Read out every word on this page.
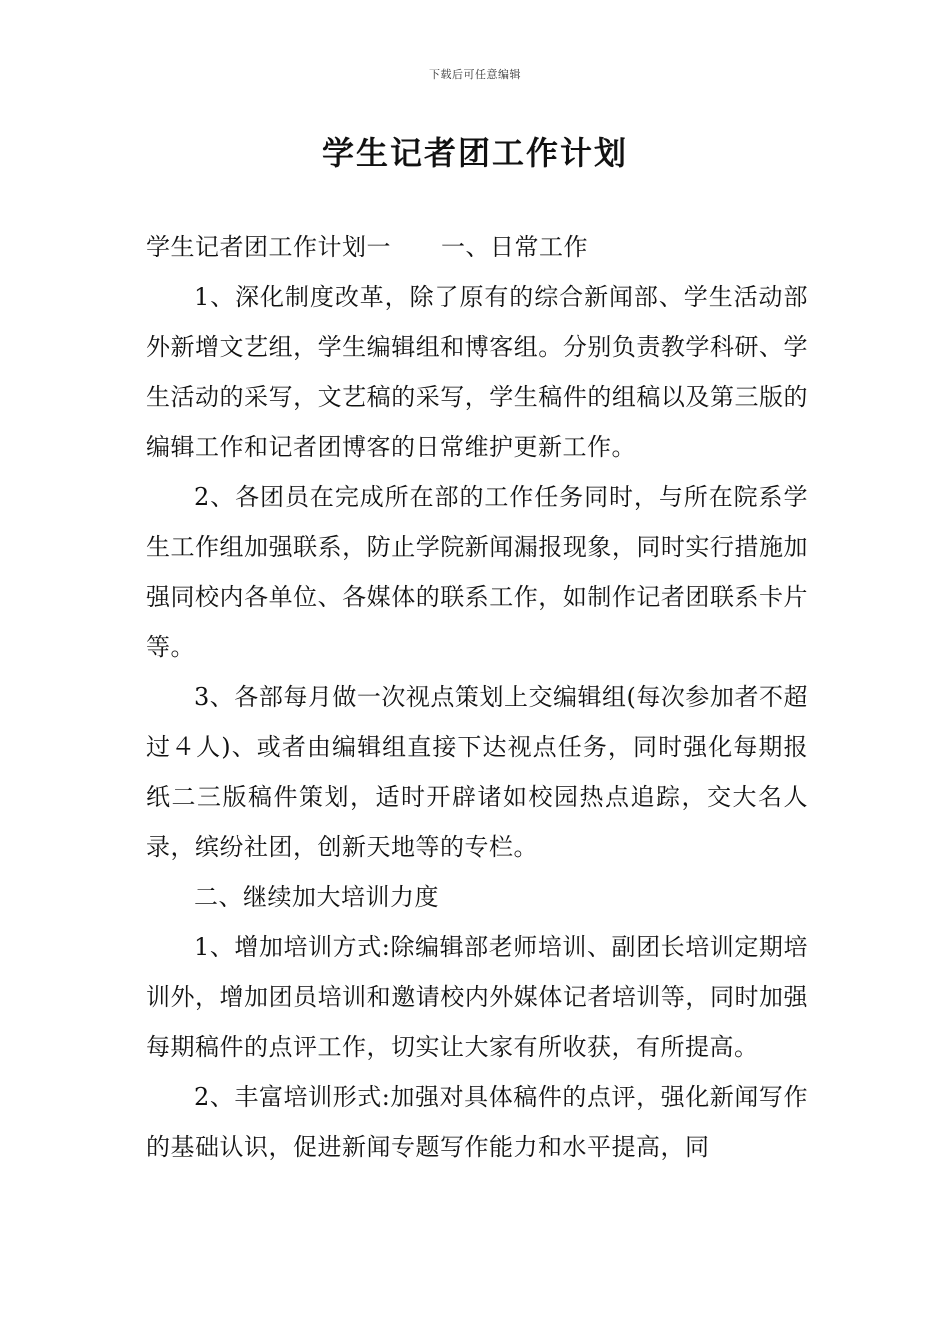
下载后可任意编辑
学生记者团工作计划

学生记者团工作计划一 一、日常工作

1、深化制度改革，除了原有的综合新闻部、学生活动部外新增文艺组，学生编辑组和博客组。分别负责教学科研、学生活动的采写，文艺稿的采写，学生稿件的组稿以及第三版的编辑工作和记者团博客的日常维护更新工作。

2、各团员在完成所在部的工作任务同时，与所在院系学生工作组加强联系，防止学院新闻漏报现象，同时实行措施加强同校内各单位、各媒体的联系工作，如制作记者团联系卡片等。

3、各部每月做一次视点策划上交编辑组(每次参加者不超过４人)、或者由编辑组直接下达视点任务，同时强化每期报纸二三版稿件策划，适时开辟诸如校园热点追踪，交大名人录，缤纷社团，创新天地等的专栏。

二、继续加大培训力度

1、增加培训方式:除编辑部老师培训、副团长培训定期培训外，增加团员培训和邀请校内外媒体记者培训等，同时加强每期稿件的点评工作，切实让大家有所收获，有所提高。

2、丰富培训形式:加强对具体稿件的点评，强化新闻写作的基础认识，促进新闻专题写作能力和水平提高，同
